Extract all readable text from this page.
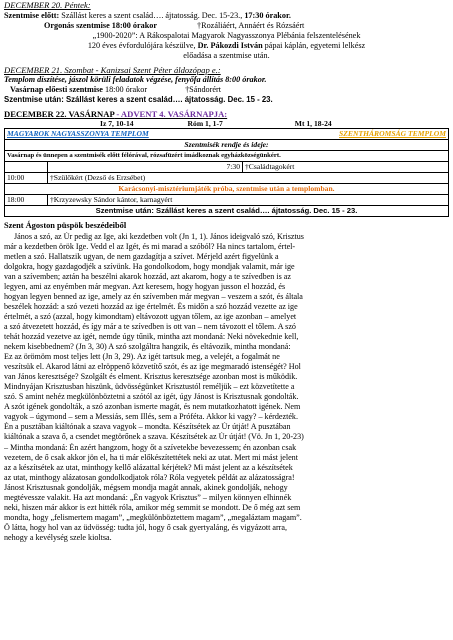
DECEMBER 20. Péntek:
Szentmise előtt: Szállást keres a szent család…. ájtatosság. Dec. 15-23., 17:30 órakor.
Orgonás szentmise 18:00 órakor	†Rozáliáért, Annáért és Rózsáért
„1900-2020”: A Rákospalotai Magyarok Nagyasszonya Plébánia felszentelésének
120 éves évfordulójára készülve, Dr. Pákozdi István pápai káplán, egyetemi lelkész
előadása a szentmise után.
DECEMBER 21. Szombat - Kanizsai Szent Péter áldozópap e.:
Templom díszítése, jászol körüli feladatok végzése, fenyőfa állítás 8:00 órakor.
Vasárnap előesti szentmise 18:00 órakor	†Sándorért
Szentmise után: Szállást keres a szent család…. ájtatosság. Dec. 15 - 23.
DECEMBER 22. VASÁRNAP - ADVENT 4. VASÁRNAPJA:
Iz 7, 10-14	Róm 1, 1-7	Mt 1, 18-24
MAGYAROK NAGYASSZONYA TEMPLOM SZENTHÁROMSÁG TEMPLOM		

Szentmisék rendje és ideje:		
Vasárnap és ünnepen a szentmisék előtt félórával, rózsafüzért imádkoznak egyházközségünkért.		
	7:30	†Családtagokért
10:00	†Szülőkért (Dezső és Erzsébet)	
Karácsonyi-misztériumjáték próba, szentmise után a templomban.		
18:00	†Krzyzewsky Sándor kántor, karnagyért	
Szentmise után: Szállást keres a szent család…. ájtatosság. Dec. 15 - 23.		
Szent Ágoston püspök beszédeiből
János a szó, az Úr pedig az Ige, aki kezdetben volt (Jn 1, 1). János ideigvaló szó, Krisztus
már a kezdetben örök Ige. Vedd el az Igét, és mi marad a szóból? Ha nincs tartalom, értel-
metlen a szó. Hallatszik ugyan, de nem gazdagítja a szívet. Mérjeld azért figyelünk a
dolgokra, hogy gazdagodjék a szívünk. Ha gondolkodom, hogy mondjak valamit, már ige
van a szívemben; aztán ha beszélni akarok hozzád, azt akarom, hogy a te szívedben is az
legyen, ami az enyémben már megvan. Azt keresem, hogy hogyan jusson el hozzád, és
hogyan legyen benned az ige, amely az én szívemben már megvan – veszem a szót, és általa
beszélek hozzád: a szó vezeti hozzád az ige értelmét. És midőn a szó hozzád vezette az ige
értelmét, a szó (azzal, hogy kimondtam) eltávozott ugyan tőlem, az ige azonban – amelyet
a szó átvezetett hozzád, és így már a te szívedben is ott van – nem távozott el tőlem. A szó
tehát hozzád vezetve az igét, nemde úgy tűnik, mintha azt mondaná: Neki növekednie kell,
nekem kisebbednem? (Jn 3, 30) A szó szolgáltra hangzik, és eltávozik, mintha mondaná:
Ez az örömöm most teljes lett (Jn 3, 29). Az igét tartsuk meg, a velejét, a fogalmát ne
veszítsük el. Akarod látni az elröppenő közvetítő szót, és az ige megmaradó istenségét? Hol
van János keresztsége? Szolgált és elment. Krisztus keresztsége azonban most is működik.
Mindnyájan Krisztusban hiszünk, üdvösségünket Krisztustól reméljük – ezt közvetítette a
szó. S amint nehéz megkülönböztetni a szótól az igét, úgy Jánost is Krisztusnak gondolták.
A szót igének gondolták, a szó azonban ismerte magát, és nem mutatkozhatott igének. Nem
vagyok – úgymond – sem a Messiás, sem Illés, sem a Próféta. Akkor ki vagy? – kérdezték.
Én a pusztában kiáltónak a szava vagyok – mondta. Készítsétek az Úr útját! A pusztában
kiáltónak a szava ő, a csendet megtörőnek a szava. Készítsétek az Úr útját! (Vö. Jn 1, 20-23)
– Mintha mondaná: Én azért hangzom, hogy őt a szívetekbe bevezessem; én azonban csak
vezetem, de ő csak akkor jön el, ha ti már előkészítettétek neki az utat. Mert mi mást jelent
az a készítsétek az utat, minthogy kellő alázattal kérjétek? Mi mást jelent az a készítsétek
az utat, minthogy alázatosan gondolkodjatok róla? Róla vegyetek példát az alázatosságra!
Jánost Krisztusnak gondolják, mégsem mondja magát annak, akinek gondolják, nehogy
megtévessze valakit. Ha azt mondaná: „Én vagyok Krisztus” – milyen könnyen elhinnék
neki, hiszen már akkor is ezt hitték róla, amikor még semmit se mondott. De ő még azt sem
mondta, hogy „felismertem magam”, „megkülönböztettem magam”, „megaláztam magam”.
Ő látta, hogy hol van az üdvösség: tudta jól, hogy ő csak gyertyaláng, és vigyázott arra,
nehogy a kevélység szele kioltsa.
